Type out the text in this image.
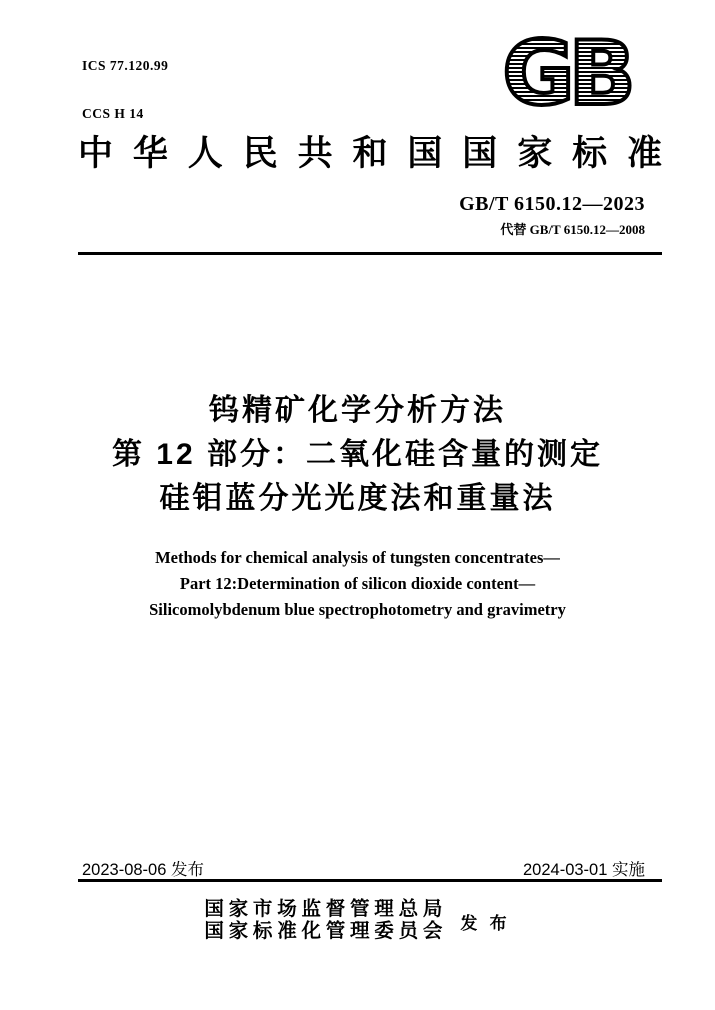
ICS 77.120.99

CCS H 14

	GB
中华人民共和国国家标准
GB/T 6150.12—2023
代替 GB/T 6150.12—2008
钨精矿化学分析方法
第 12 部分：二氧化硅含量的测定
硅钼蓝分光光度法和重量法
Methods for chemical analysis of tungsten concentrates—
Part 12:Determination of silicon dioxide content—
Silicomolybdenum blue spectrophotometry and gravimetry
2023-08-06 发布	2024-03-01 实施
国家市场监督管理总局
国家标准化管理委员会 发 布
